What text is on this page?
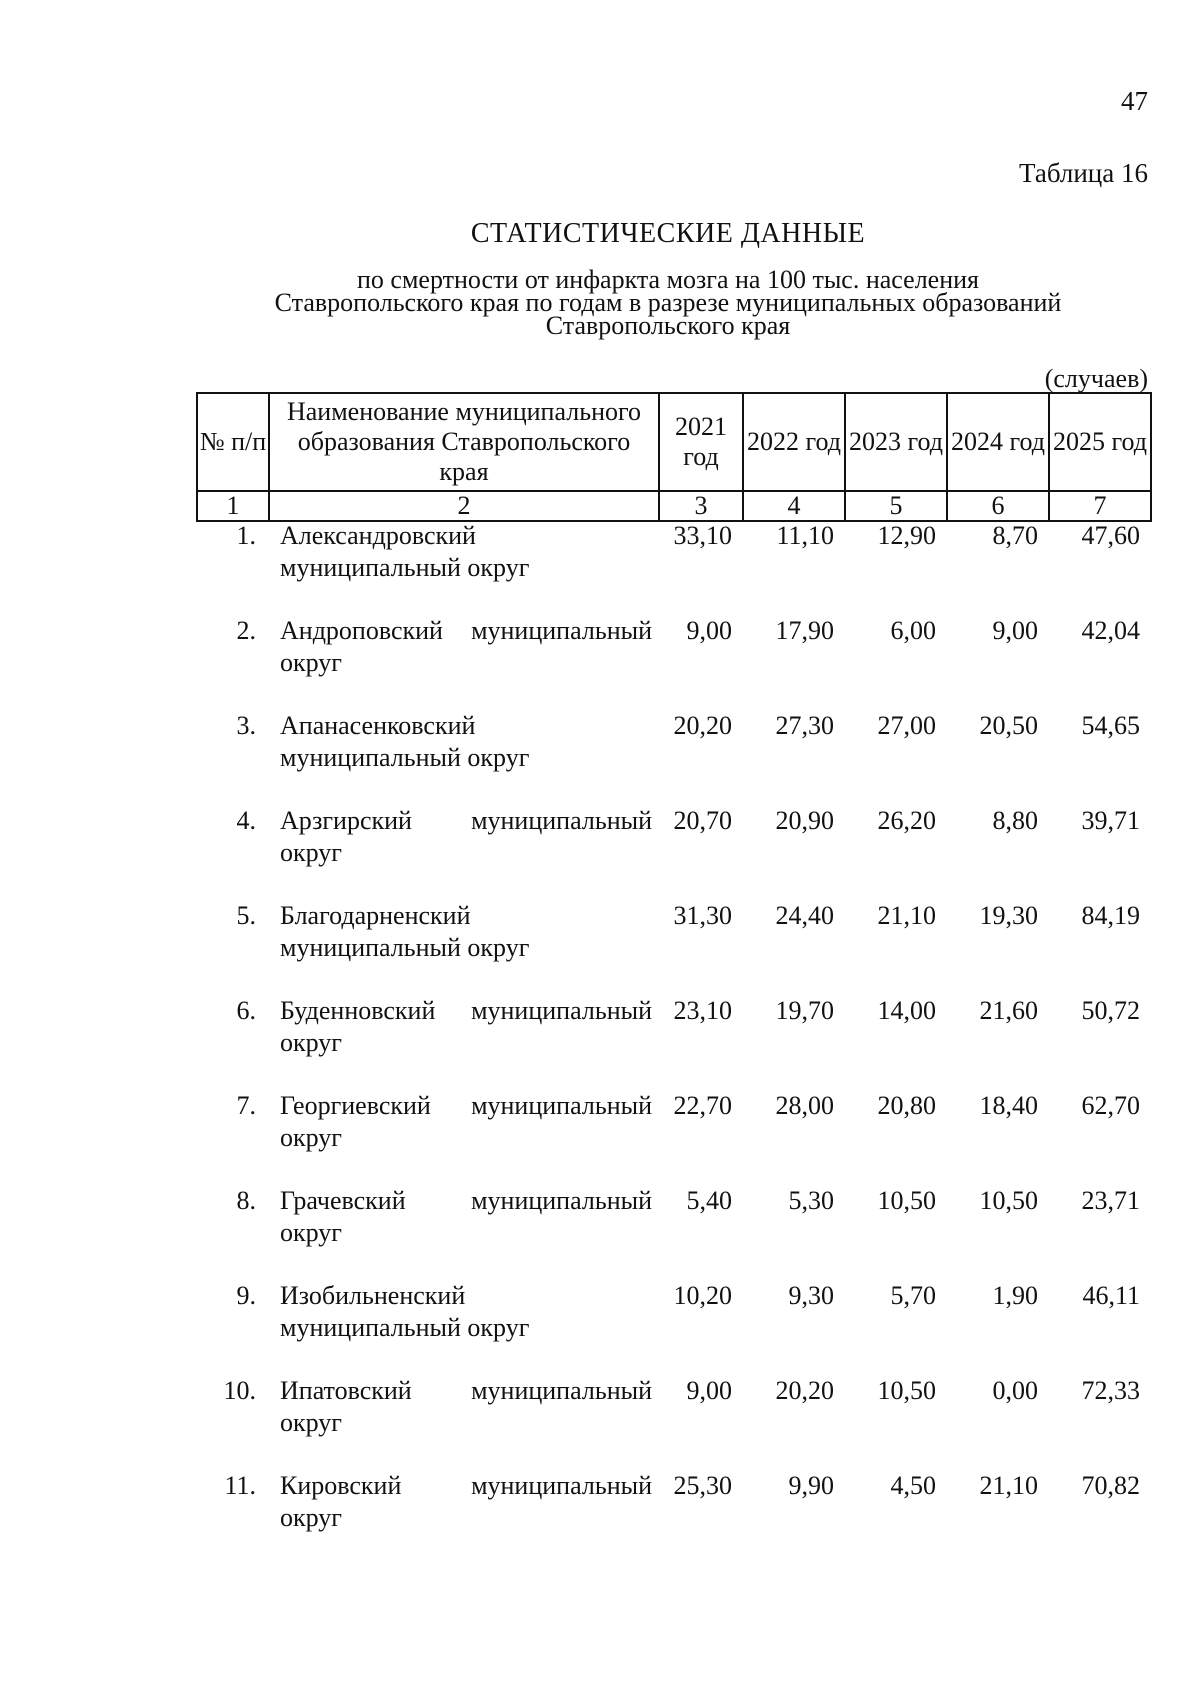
47
Таблица 16
СТАТИСТИЧЕСКИЕ ДАННЫЕ
по смертности от инфаркта мозга на 100 тыс. населения
Ставропольского края по годам в разрезе муниципальных образований
Ставропольского края
(случаев)
№ п/п	Наименование муниципального образования Ставропольского края	2021 год	2022 год	2023 год	2024 год	2025 год
1	2	3	4	5	6	7
1.	Александровский муниципальный округ	33,10	11,10	12,90	8,70	47,60
2.	Андроповский муниципальный округ	9,00	17,90	6,00	9,00	42,04
3.	Апанасенковский муниципальный округ	20,20	27,30	27,00	20,50	54,65
4.	Арзгирский муниципальный округ	20,70	20,90	26,20	8,80	39,71
5.	Благодарненский муниципальный округ	31,30	24,40	21,10	19,30	84,19
6.	Буденновский муниципальный округ	23,10	19,70	14,00	21,60	50,72
7.	Георгиевский муниципальный округ	22,70	28,00	20,80	18,40	62,70
8.	Грачевский муниципальный округ	5,40	5,30	10,50	10,50	23,71
9.	Изобильненский муниципальный округ	10,20	9,30	5,70	1,90	46,11
10.	Ипатовский муниципальный округ	9,00	20,20	10,50	0,00	72,33
11.	Кировский муниципальный округ	25,30	9,90	4,50	21,10	70,82
